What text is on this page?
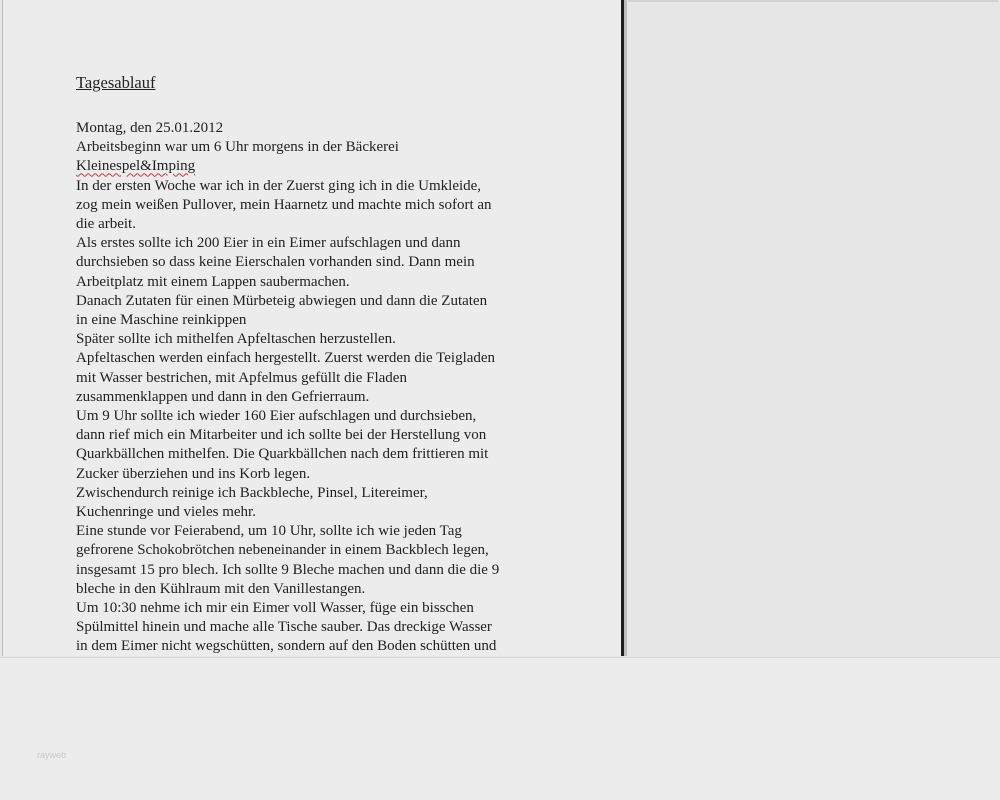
Tagesablauf
Montag, den 25.01.2012
Arbeitsbeginn war um 6 Uhr morgens in der Bäckerei
Kleinespel&Imping
In der ersten Woche war ich in der Zuerst ging ich in die Umkleide,
zog mein weißen Pullover, mein Haarnetz und machte mich sofort an
die arbeit.
Als erstes sollte ich 200 Eier in ein Eimer aufschlagen und dann
durchsieben so dass keine Eierschalen vorhanden sind. Dann mein
Arbeitplatz mit einem Lappen saubermachen.
Danach Zutaten für einen Mürbeteig abwiegen und dann die Zutaten
in eine Maschine reinkippen
Später sollte ich mithelfen Apfeltaschen herzustellen.
Apfeltaschen werden einfach hergestellt. Zuerst werden die Teigladen
mit Wasser bestrichen, mit Apfelmus gefüllt die Fladen
zusammenklappen und dann in den Gefrierraum.
Um 9 Uhr sollte ich wieder 160 Eier aufschlagen und durchsieben,
dann rief mich ein Mitarbeiter und ich sollte bei der Herstellung von
Quarkbällchen mithelfen. Die Quarkbällchen nach dem frittieren mit
Zucker überziehen und ins Korb legen.
Zwischendurch reinige ich Backbleche, Pinsel, Litereimer,
Kuchenringe und vieles mehr.
Eine stunde vor Feierabend, um 10 Uhr, sollte ich wie jeden Tag
gefrorene Schokobrötchen nebeneinander in einem Backblech legen,
insgesamt 15 pro blech. Ich sollte 9 Bleche machen und dann die die 9
bleche in den Kühlraum mit den Vanillestangen.
Um 10:30 nehme ich mir ein Eimer voll Wasser, füge ein bisschen
Spülmittel hinein und mache alle Tische sauber. Das dreckige Wasser
in dem Eimer nicht wegschütten, sondern auf den Boden schütten und
rayweb
